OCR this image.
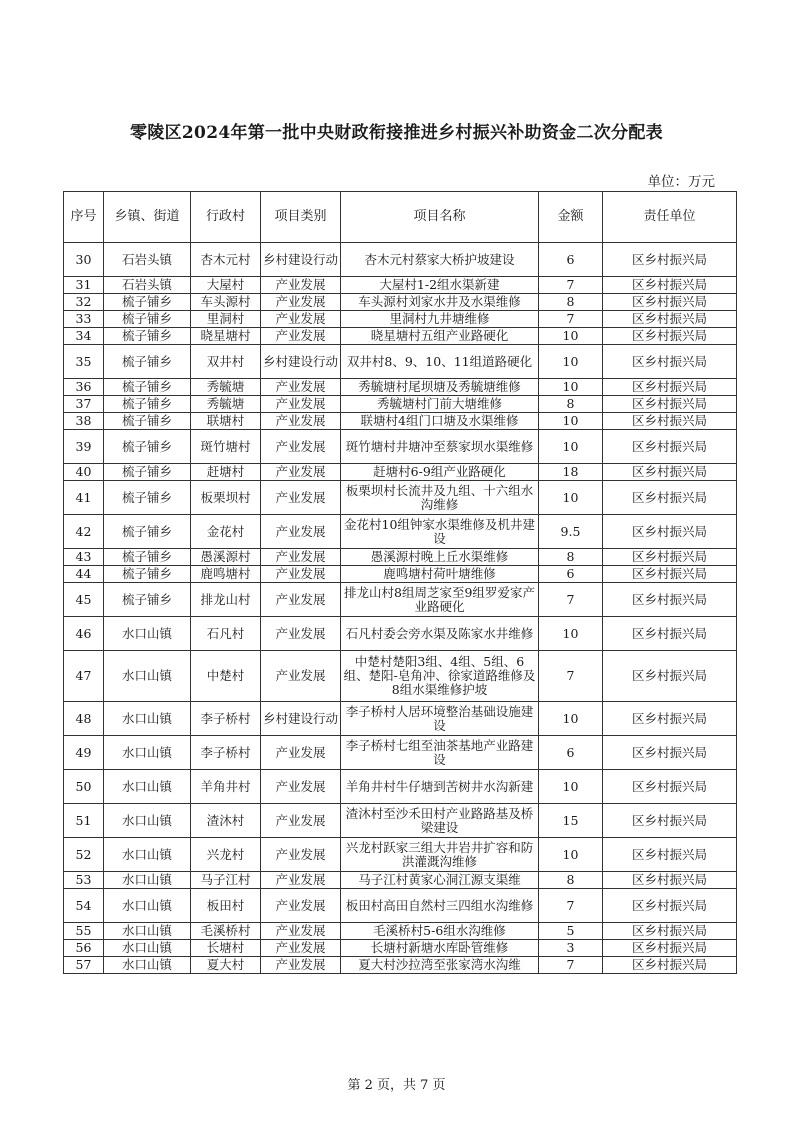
零陵区2024年第一批中央财政衔接推进乡村振兴补助资金二次分配表
单位：万元
序号	乡镇、街道	行政村	项目类别	项目名称	金额	责任单位
30	石岩头镇	杏木元村	乡村建设行动	杏木元村蔡家大桥护坡建设	6	区乡村振兴局
31	石岩头镇	大屋村	产业发展	大屋村1-2组水渠新建	7	区乡村振兴局
32	梳子铺乡	车头源村	产业发展	车头源村刘家水井及水渠维修	8	区乡村振兴局
33	梳子铺乡	里洞村	产业发展	里洞村九井塘维修	7	区乡村振兴局
34	梳子铺乡	晓星塘村	产业发展	晓星塘村五组产业路硬化	10	区乡村振兴局
35	梳子铺乡	双井村	乡村建设行动	双井村8、9、10、11组道路硬化	10	区乡村振兴局
36	梳子铺乡	秀毓塘	产业发展	秀毓塘村尾坝塘及秀毓塘维修	10	区乡村振兴局
37	梳子铺乡	秀毓塘	产业发展	秀毓塘村门前大塘维修	8	区乡村振兴局
38	梳子铺乡	联塘村	产业发展	联塘村4组门口塘及水渠维修	10	区乡村振兴局
39	梳子铺乡	斑竹塘村	产业发展	斑竹塘村井塘冲至蔡家坝水渠维修	10	区乡村振兴局
40	梳子铺乡	赶塘村	产业发展	赶塘村6-9组产业路硬化	18	区乡村振兴局
41	梳子铺乡	板栗坝村	产业发展	板栗坝村长流井及九组、十六组水沟维修	10	区乡村振兴局
42	梳子铺乡	金花村	产业发展	金花村10组钟家水渠维修及机井建设	9.5	区乡村振兴局
43	梳子铺乡	愚溪源村	产业发展	愚溪源村晚上丘水渠维修	8	区乡村振兴局
44	梳子铺乡	鹿鸣塘村	产业发展	鹿鸣塘村荷叶塘维修	6	区乡村振兴局
45	梳子铺乡	排龙山村	产业发展	排龙山村8组周芝家至9组罗爱家产业路硬化	7	区乡村振兴局
46	水口山镇	石凡村	产业发展	石凡村委会旁水渠及陈家水井维修	10	区乡村振兴局
47	水口山镇	中楚村	产业发展	中楚村楚阳3组、4组、5组、6组、楚阳-皂角冲、徐家道路维修及8组水渠维修护坡	7	区乡村振兴局
48	水口山镇	李子桥村	乡村建设行动	李子桥村人居环境整治基础设施建设	10	区乡村振兴局
49	水口山镇	李子桥村	产业发展	李子桥村七组至油茶基地产业路建设	6	区乡村振兴局
50	水口山镇	羊角井村	产业发展	羊角井村牛仔塘到苦树井水沟新建	10	区乡村振兴局
51	水口山镇	渣沐村	产业发展	渣沐村至沙禾田村产业路路基及桥梁建设	15	区乡村振兴局
52	水口山镇	兴龙村	产业发展	兴龙村跃家三组大井岩井扩容和防洪灌溉沟维修	10	区乡村振兴局
53	水口山镇	马子江村	产业发展	马子江村黄家心洞江源支渠维	8	区乡村振兴局
54	水口山镇	板田村	产业发展	板田村高田自然村三四组水沟维修	7	区乡村振兴局
55	水口山镇	毛溪桥村	产业发展	毛溪桥村5-6组水沟维修	5	区乡村振兴局
56	水口山镇	长塘村	产业发展	长塘村新塘水库卧管维修	3	区乡村振兴局
57	水口山镇	夏大村	产业发展	夏大村沙拉湾至张家湾水沟维	7	区乡村振兴局
第 2 页，共 7 页
